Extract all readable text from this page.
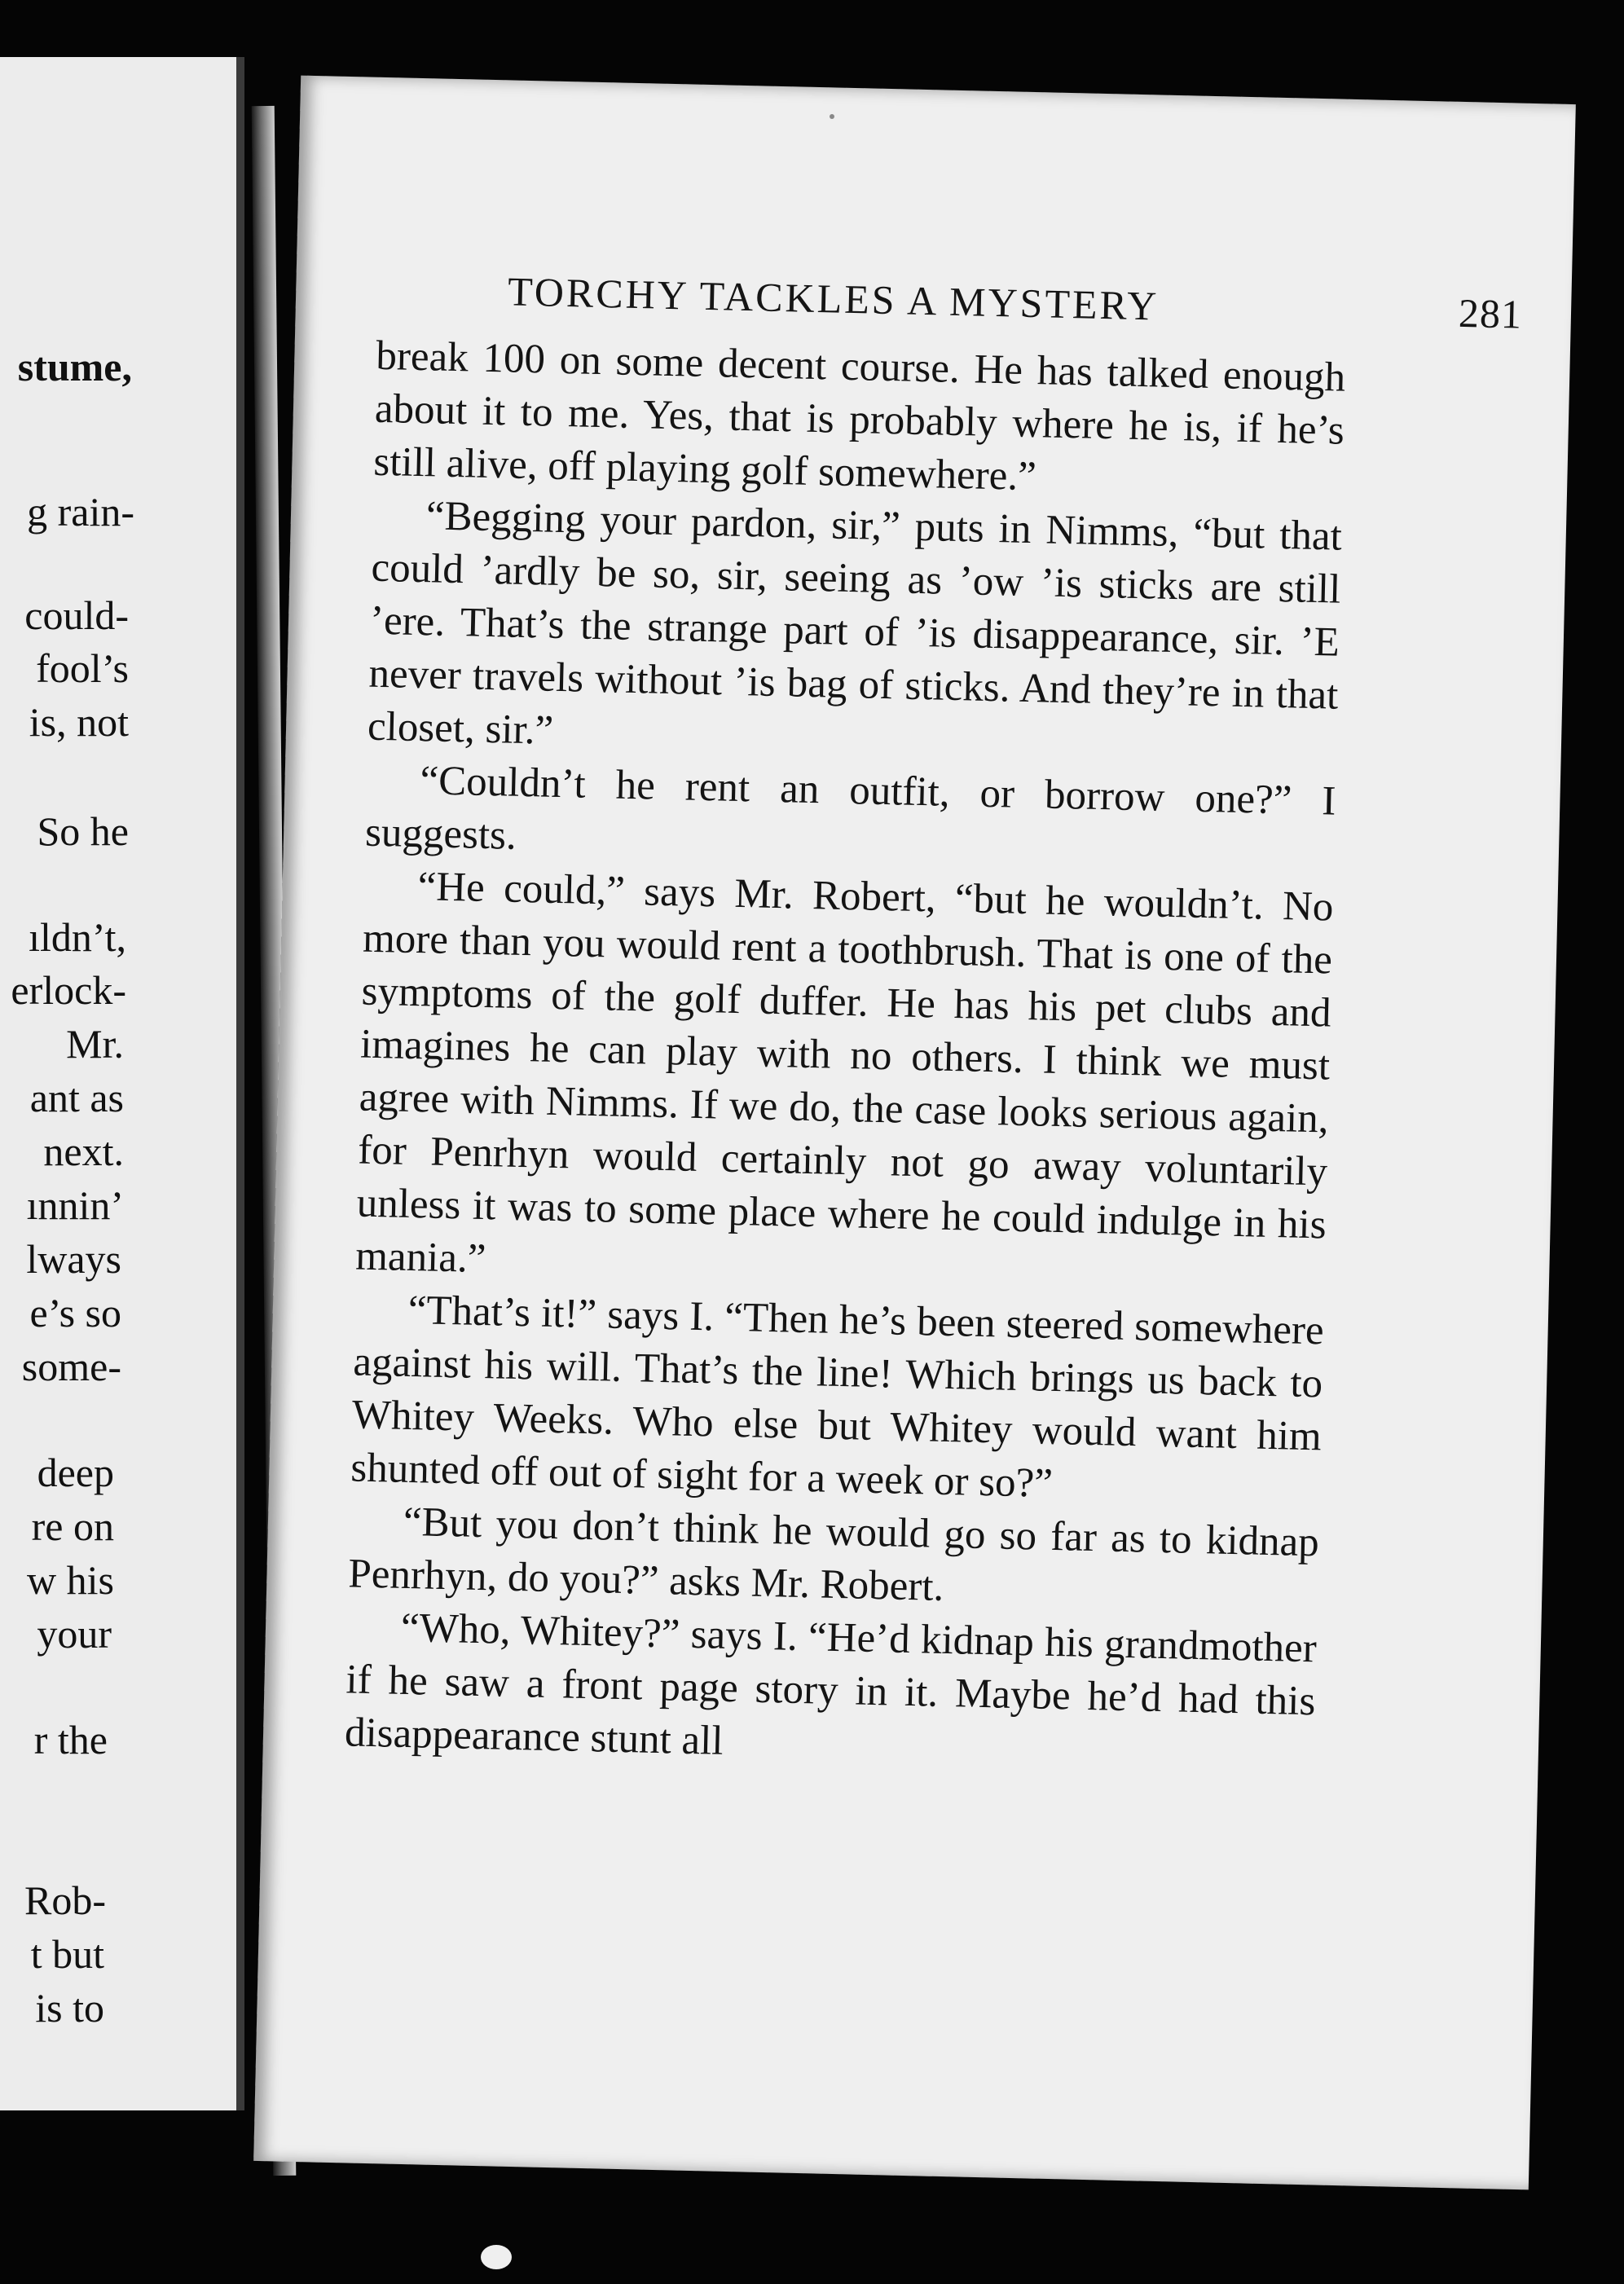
stume,
g rain-
could-
fool’s
is, not
So he
ıldn’t,
erlock-
Mr.
ant as
next.
ınnin’
lways
e’s so
some-
deep
re on
w his
your
r the
Rob-
t but
is to
TORCHY TACKLES A MYSTERY	281

break 100 on some decent course. He has talked enough about it to me. Yes, that is probably where he is, if he’s still alive, off playing golf somewhere.”

“Begging your pardon, sir,” puts in Nimms, “but that could ’ardly be so, sir, seeing as ’ow ’is sticks are still ’ere. That’s the strange part of ’is disappearance, sir. ’E never travels without ’is bag of sticks. And they’re in that closet, sir.”

“Couldn’t he rent an outfit, or borrow one?” I suggests.

“He could,” says Mr. Robert, “but he wouldn’t. No more than you would rent a toothbrush. That is one of the symptoms of the golf duffer. He has his pet clubs and imagines he can play with no others. I think we must agree with Nimms. If we do, the case looks serious again, for Penrhyn would certainly not go away voluntarily unless it was to some place where he could indulge in his mania.”

“That’s it!” says I. “Then he’s been steered somewhere against his will. That’s the line! Which brings us back to Whitey Weeks. Who else but Whitey would want him shunted off out of sight for a week or so?”

“But you don’t think he would go so far as to kidnap Penrhyn, do you?” asks Mr. Robert.

“Who, Whitey?” says I. “He’d kidnap his grandmother if he saw a front page story in it. Maybe he’d had this disappearance stunt all
